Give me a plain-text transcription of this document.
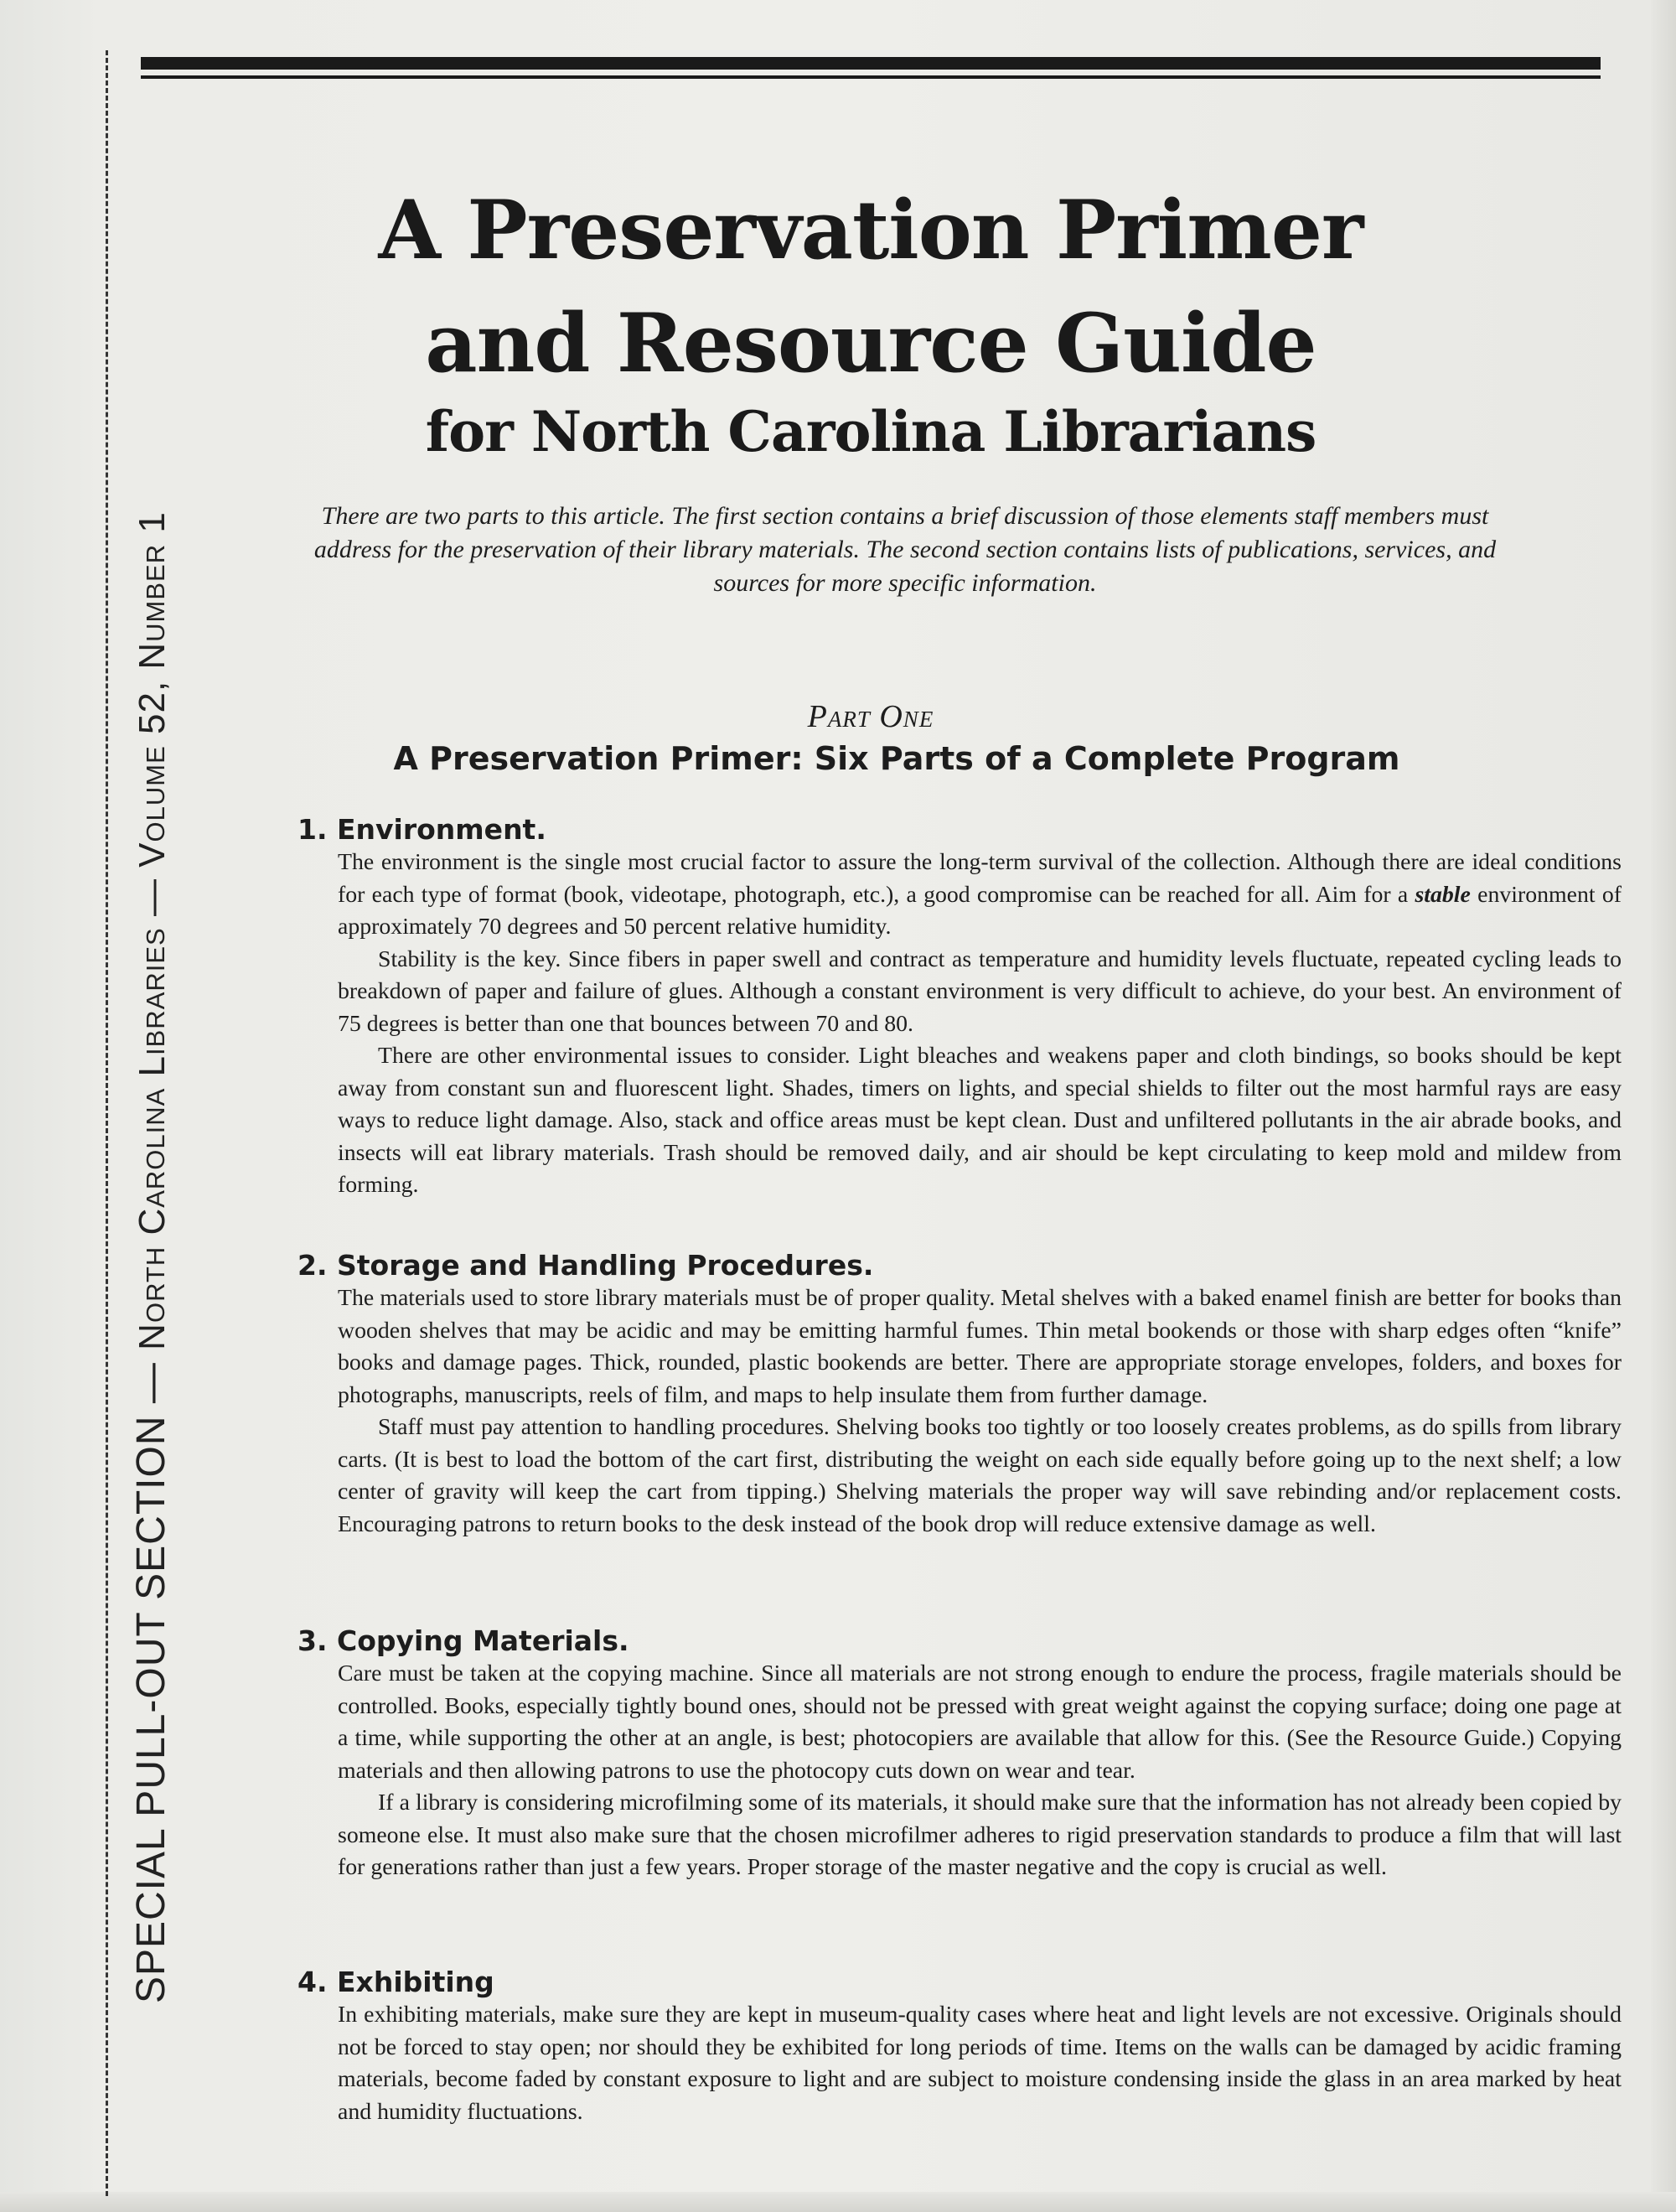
SPECIAL PULL-OUT SECTION — North Carolina Libraries — Volume 52, Number 1
A Preservation Primer
and Resource Guide
for North Carolina Librarians

There are two parts to this article. The first section contains a brief discussion of those elements staff members must address for the preservation of their library materials. The second section contains lists of publications, services, and sources for more specific information.

Part One

A Preservation Primer: Six Parts of a Complete Program

1. Environment.

The environment is the single most crucial factor to assure the long-term survival of the collection. Although there are ideal conditions for each type of format (book, videotape, photograph, etc.), a good compromise can be reached for all. Aim for a stable environment of approximately 70 degrees and 50 percent relative humidity.

Stability is the key. Since fibers in paper swell and contract as temperature and humidity levels fluctuate, repeated cycling leads to breakdown of paper and failure of glues. Although a constant environment is very difficult to achieve, do your best. An environment of 75 degrees is better than one that bounces between 70 and 80.

There are other environmental issues to consider. Light bleaches and weakens paper and cloth bindings, so books should be kept away from constant sun and fluorescent light. Shades, timers on lights, and special shields to filter out the most harmful rays are easy ways to reduce light damage. Also, stack and office areas must be kept clean. Dust and unfiltered pollutants in the air abrade books, and insects will eat library materials. Trash should be removed daily, and air should be kept circulating to keep mold and mildew from forming.

2. Storage and Handling Procedures.

The materials used to store library materials must be of proper quality. Metal shelves with a baked enamel finish are better for books than wooden shelves that may be acidic and may be emitting harmful fumes. Thin metal bookends or those with sharp edges often “knife” books and damage pages. Thick, rounded, plastic bookends are better. There are appropriate storage envelopes, folders, and boxes for photographs, manuscripts, reels of film, and maps to help insulate them from further damage.

Staff must pay attention to handling procedures. Shelving books too tightly or too loosely creates problems, as do spills from library carts. (It is best to load the bottom of the cart first, distributing the weight on each side equally before going up to the next shelf; a low center of gravity will keep the cart from tipping.) Shelving materials the proper way will save rebinding and/or replacement costs. Encouraging patrons to return books to the desk instead of the book drop will reduce extensive damage as well.

3. Copying Materials.

Care must be taken at the copying machine. Since all materials are not strong enough to endure the process, fragile materials should be controlled. Books, especially tightly bound ones, should not be pressed with great weight against the copying surface; doing one page at a time, while supporting the other at an angle, is best; photocopiers are available that allow for this. (See the Resource Guide.) Copying materials and then allowing patrons to use the photocopy cuts down on wear and tear.

If a library is considering microfilming some of its materials, it should make sure that the information has not already been copied by someone else. It must also make sure that the chosen microfilmer adheres to rigid preservation standards to produce a film that will last for generations rather than just a few years. Proper storage of the master negative and the copy is crucial as well.

4. Exhibiting

In exhibiting materials, make sure they are kept in museum-quality cases where heat and light levels are not excessive. Originals should not be forced to stay open; nor should they be exhibited for long periods of time. Items on the walls can be damaged by acidic framing materials, become faded by constant exposure to light and are subject to moisture condensing inside the glass in an area marked by heat and humidity fluctuations.
